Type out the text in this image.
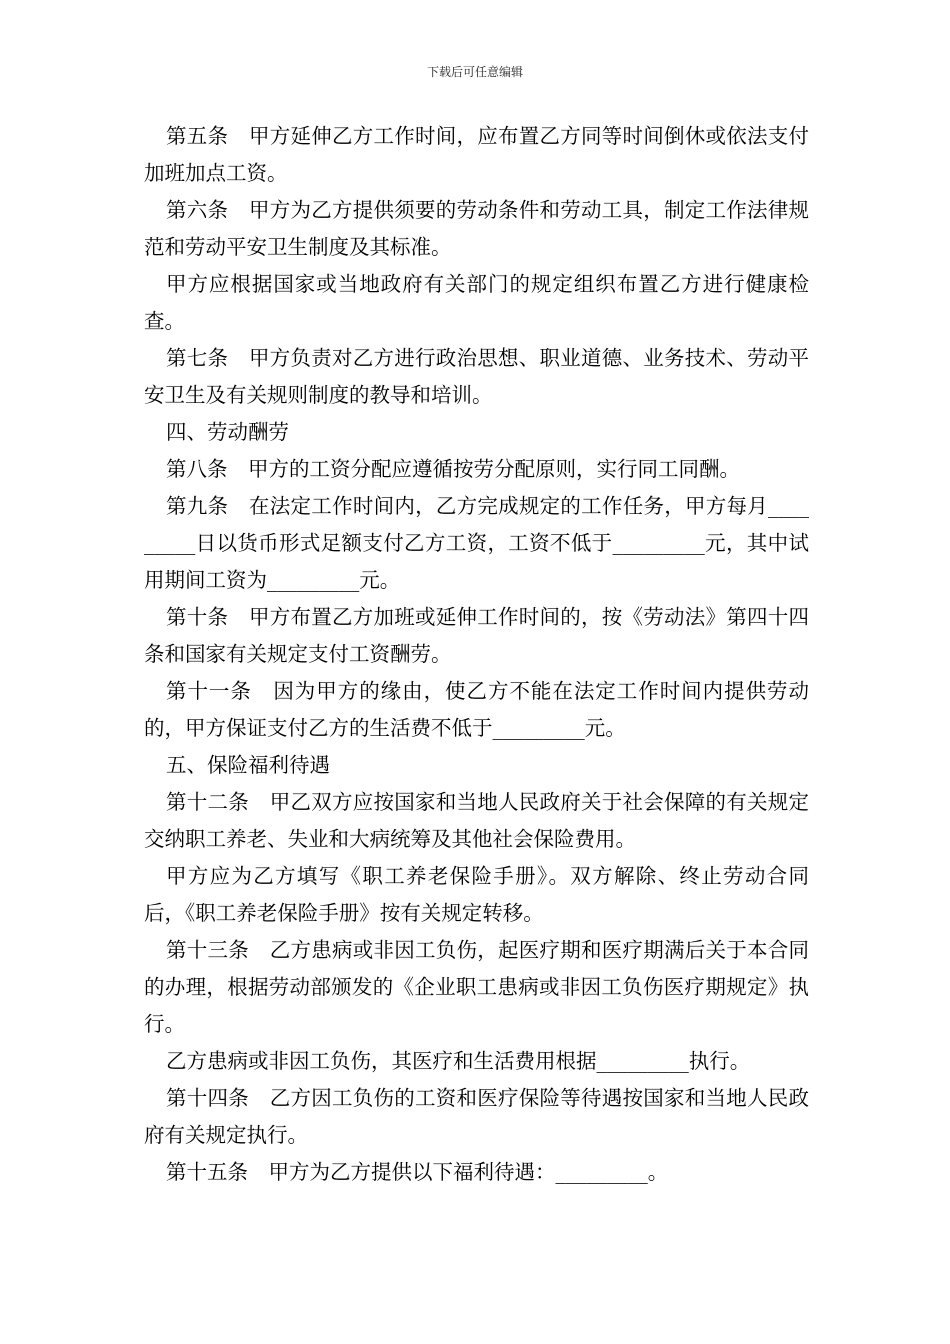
下载后可任意编辑

第五条　甲方延伸乙方工作时间，应布置乙方同等时间倒休或依法支付加班加点工资。

第六条　甲方为乙方提供须要的劳动条件和劳动工具，制定工作法律规范和劳动平安卫生制度及其标准。

甲方应根据国家或当地政府有关部门的规定组织布置乙方进行健康检查。

第七条　甲方负责对乙方进行政治思想、职业道德、业务技术、劳动平安卫生及有关规则制度的教导和培训。

四、劳动酬劳

第八条　甲方的工资分配应遵循按劳分配原则，实行同工同酬。

第九条　在法定工作时间内，乙方完成规定的工作任务，甲方每月_________日以货币形式足额支付乙方工资，工资不低于_________元，其中试用期间工资为_________元。

第十条　甲方布置乙方加班或延伸工作时间的，按《劳动法》第四十四条和国家有关规定支付工资酬劳。

第十一条　因为甲方的缘由，使乙方不能在法定工作时间内提供劳动的，甲方保证支付乙方的生活费不低于_________元。

五、保险福利待遇

第十二条　甲乙双方应按国家和当地人民政府关于社会保障的有关规定交纳职工养老、失业和大病统筹及其他社会保险费用。

甲方应为乙方填写《职工养老保险手册》。双方解除、终止劳动合同后，《职工养老保险手册》按有关规定转移。

第十三条　乙方患病或非因工负伤，起医疗期和医疗期满后关于本合同的办理，根据劳动部颁发的《企业职工患病或非因工负伤医疗期规定》执行。

乙方患病或非因工负伤，其医疗和生活费用根据_________执行。

第十四条　乙方因工负伤的工资和医疗保险等待遇按国家和当地人民政府有关规定执行。

第十五条　甲方为乙方提供以下福利待遇：_________。
